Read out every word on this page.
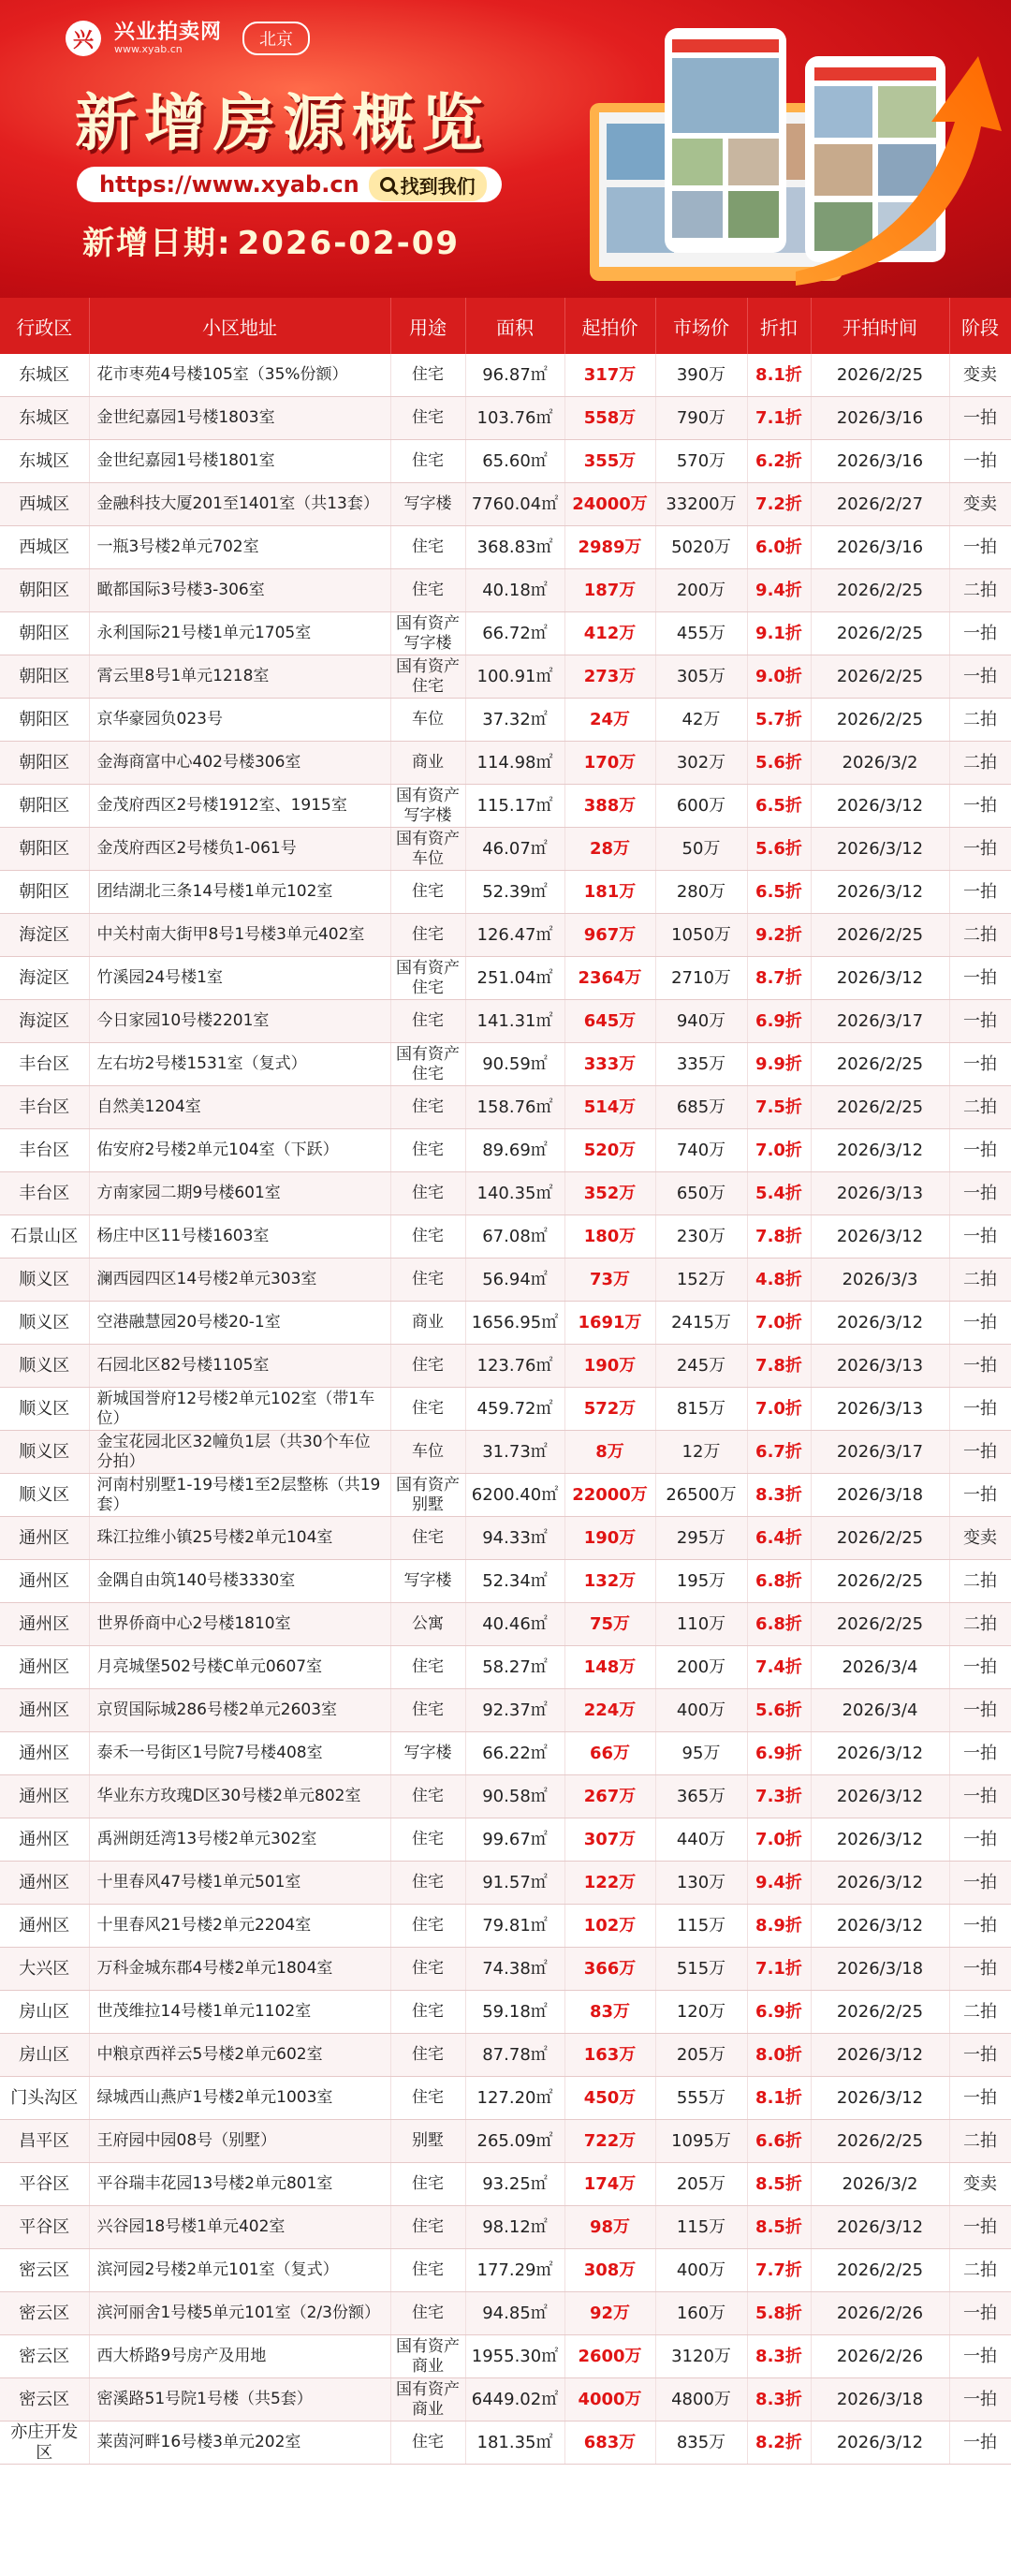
兴	兴业拍卖网
www.xyab.cn	北京
新增房源概览
https://www.xyab.cn 找到我们
新增日期: 2026-02-09
行政区	小区地址	用途	面积	起拍价	市场价	折扣	开拍时间	阶段
东城区	花市枣苑4号楼105室（35%份额）	住宅	96.87㎡	317万	390万	8.1折	2026/2/25	变卖
东城区	金世纪嘉园1号楼1803室	住宅	103.76㎡	558万	790万	7.1折	2026/3/16	一拍
东城区	金世纪嘉园1号楼1801室	住宅	65.60㎡	355万	570万	6.2折	2026/3/16	一拍
西城区	金融科技大厦201至1401室（共13套）	写字楼	7760.04㎡	24000万	33200万	7.2折	2026/2/27	变卖
西城区	一瓶3号楼2单元702室	住宅	368.83㎡	2989万	5020万	6.0折	2026/3/16	一拍
朝阳区	瞰都国际3号楼3-306室	住宅	40.18㎡	187万	200万	9.4折	2026/2/25	二拍
朝阳区	永利国际21号楼1单元1705室	国有资产写字楼	66.72㎡	412万	455万	9.1折	2026/2/25	一拍
朝阳区	霄云里8号1单元1218室	国有资产住宅	100.91㎡	273万	305万	9.0折	2026/2/25	一拍
朝阳区	京华豪园负023号	车位	37.32㎡	24万	42万	5.7折	2026/2/25	二拍
朝阳区	金海商富中心402号楼306室	商业	114.98㎡	170万	302万	5.6折	2026/3/2	二拍
朝阳区	金茂府西区2号楼1912室、1915室	国有资产写字楼	115.17㎡	388万	600万	6.5折	2026/3/12	一拍
朝阳区	金茂府西区2号楼负1-061号	国有资产车位	46.07㎡	28万	50万	5.6折	2026/3/12	一拍
朝阳区	团结湖北三条14号楼1单元102室	住宅	52.39㎡	181万	280万	6.5折	2026/3/12	一拍
海淀区	中关村南大街甲8号1号楼3单元402室	住宅	126.47㎡	967万	1050万	9.2折	2026/2/25	二拍
海淀区	竹溪园24号楼1室	国有资产住宅	251.04㎡	2364万	2710万	8.7折	2026/3/12	一拍
海淀区	今日家园10号楼2201室	住宅	141.31㎡	645万	940万	6.9折	2026/3/17	一拍
丰台区	左右坊2号楼1531室（复式）	国有资产住宅	90.59㎡	333万	335万	9.9折	2026/2/25	一拍
丰台区	自然美1204室	住宅	158.76㎡	514万	685万	7.5折	2026/2/25	二拍
丰台区	佑安府2号楼2单元104室（下跃）	住宅	89.69㎡	520万	740万	7.0折	2026/3/12	一拍
丰台区	方南家园二期9号楼601室	住宅	140.35㎡	352万	650万	5.4折	2026/3/13	一拍
石景山区	杨庄中区11号楼1603室	住宅	67.08㎡	180万	230万	7.8折	2026/3/12	一拍
顺义区	澜西园四区14号楼2单元303室	住宅	56.94㎡	73万	152万	4.8折	2026/3/3	二拍
顺义区	空港融慧园20号楼20-1室	商业	1656.95㎡	1691万	2415万	7.0折	2026/3/12	一拍
顺义区	石园北区82号楼1105室	住宅	123.76㎡	190万	245万	7.8折	2026/3/13	一拍
顺义区	新城国誉府12号楼2单元102室（带1车位）	住宅	459.72㎡	572万	815万	7.0折	2026/3/13	一拍
顺义区	金宝花园北区32幢负1层（共30个车位分拍）	车位	31.73㎡	8万	12万	6.7折	2026/3/17	一拍
顺义区	河南村别墅1-19号楼1至2层整栋（共19套）	国有资产别墅	6200.40㎡	22000万	26500万	8.3折	2026/3/18	一拍
通州区	珠江拉维小镇25号楼2单元104室	住宅	94.33㎡	190万	295万	6.4折	2026/2/25	变卖
通州区	金隅自由筑140号楼3330室	写字楼	52.34㎡	132万	195万	6.8折	2026/2/25	二拍
通州区	世界侨商中心2号楼1810室	公寓	40.46㎡	75万	110万	6.8折	2026/2/25	二拍
通州区	月亮城堡502号楼C单元0607室	住宅	58.27㎡	148万	200万	7.4折	2026/3/4	一拍
通州区	京贸国际城286号楼2单元2603室	住宅	92.37㎡	224万	400万	5.6折	2026/3/4	一拍
通州区	泰禾一号街区1号院7号楼408室	写字楼	66.22㎡	66万	95万	6.9折	2026/3/12	一拍
通州区	华业东方玫瑰D区30号楼2单元802室	住宅	90.58㎡	267万	365万	7.3折	2026/3/12	一拍
通州区	禹洲朗廷湾13号楼2单元302室	住宅	99.67㎡	307万	440万	7.0折	2026/3/12	一拍
通州区	十里春风47号楼1单元501室	住宅	91.57㎡	122万	130万	9.4折	2026/3/12	一拍
通州区	十里春风21号楼2单元2204室	住宅	79.81㎡	102万	115万	8.9折	2026/3/12	一拍
大兴区	万科金城东郡4号楼2单元1804室	住宅	74.38㎡	366万	515万	7.1折	2026/3/18	一拍
房山区	世茂维拉14号楼1单元1102室	住宅	59.18㎡	83万	120万	6.9折	2026/2/25	二拍
房山区	中粮京西祥云5号楼2单元602室	住宅	87.78㎡	163万	205万	8.0折	2026/3/12	一拍
门头沟区	绿城西山燕庐1号楼2单元1003室	住宅	127.20㎡	450万	555万	8.1折	2026/3/12	一拍
昌平区	王府园中园08号（别墅）	别墅	265.09㎡	722万	1095万	6.6折	2026/2/25	二拍
平谷区	平谷瑞丰花园13号楼2单元801室	住宅	93.25㎡	174万	205万	8.5折	2026/3/2	变卖
平谷区	兴谷园18号楼1单元402室	住宅	98.12㎡	98万	115万	8.5折	2026/3/12	一拍
密云区	滨河园2号楼2单元101室（复式）	住宅	177.29㎡	308万	400万	7.7折	2026/2/25	二拍
密云区	滨河丽舍1号楼5单元101室（2/3份额）	住宅	94.85㎡	92万	160万	5.8折	2026/2/26	一拍
密云区	西大桥路9号房产及用地	国有资产商业	1955.30㎡	2600万	3120万	8.3折	2026/2/26	一拍
密云区	密溪路51号院1号楼（共5套）	国有资产商业	6449.02㎡	4000万	4800万	8.3折	2026/3/18	一拍
亦庄开发区	莱茵河畔16号楼3单元202室	住宅	181.35㎡	683万	835万	8.2折	2026/3/12	一拍
